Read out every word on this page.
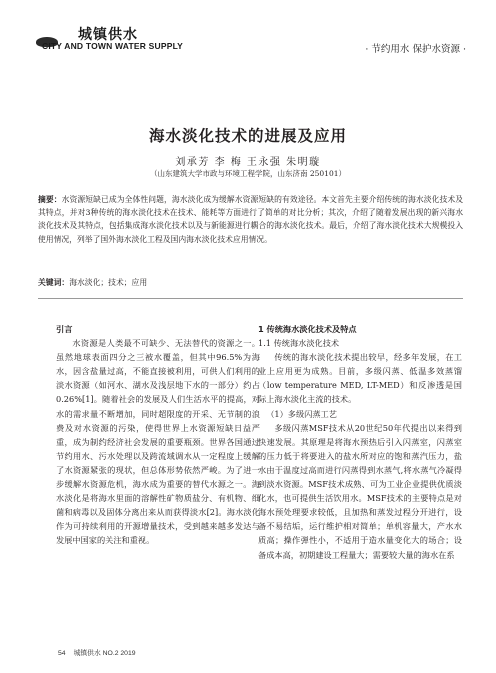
城镇供水
CITY AND TOWN WATER SUPPLY	· 节约用水 保护水资源 ·
海水淡化技术的进展及应用
刘承芳 李 梅 王永强 朱明璇
（山东建筑大学市政与环境工程学院，山东济南 250101）
摘要：水资源短缺已成为全体性问题，海水淡化成为缓解水资源短缺的有效途径。本文首先主要介绍传统的海水淡化技术及其特点，并对3种传统的海水淡化技术在技术、能耗等方面进行了简单的对比分析；其次，介绍了随着发展出现的新兴海水淡化技术及其特点，包括集成海水淡化技术以及与新能源进行耦合的海水淡化技术。最后，介绍了海水淡化技术大规模投入使用情况，列举了国外海水淡化工程及国内海水淡化技术应用情况。
关键词：海水淡化；技术；应用

引言

水资源是人类最不可缺少、无法替代的资源之一。虽然地球表面四分之三被水覆盖，但其中96.5%为海水，因含盐量过高，不能直接被利用，可供人们利用的淡水资源（如河水、湖水及浅层地下水的一部分）约占0.26%[1]。随着社会的发展及人们生活水平的提高，对水的需求量不断增加，同时超限度的开采、无节制的浪费及对水资源的污染，使得世界上水资源短缺日益严重，成为制约经济社会发展的重要瓶颈。世界各国通过节约用水、污水处理以及跨流域调水从一定程度上缓解了水资源紧张的现状，但总体形势依然严峻。为了进一步缓解水资源危机，海水成为重要的替代水源之一。海水淡化是将海水里面的溶解性矿物质盐分、有机物、细菌和病毒以及固体分离出来从而获得淡水[2]。海水淡化作为可持续利用的开源增量技术，受到越来越多发达与发展中国家的关注和重视。

1 传统海水淡化技术及特点

1.1 传统海水淡化技术

传统的海水淡化技术提出较早，经多年发展，在工业上应用更为成熟。目前，多级闪蒸、低温多效蒸馏（low temperature MED, LT-MED）和反渗透是国际上海水淡化主流的技术。

（1）多级闪蒸工艺

多级闪蒸MSF技术从20世纪50年代提出以来得到快速发展。其原理是将海水预热后引入闪蒸室，闪蒸室的压力低于将要进入的盐水所对应的饱和蒸汽压力，盐水由于温度过高而进行闪蒸得到水蒸气,将水蒸气冷凝得到淡水资源。MSF技术成熟、可为工业企业提供优质淡化水，也可提供生活饮用水。MSF技术的主要特点是对海水预处理要求较低，且加热和蒸发过程分开进行，设备不易结垢，运行维护相对简单；单机容量大，产水水质高；操作弹性小，不适用于造水量变化大的场合；设备成本高，初期建设工程量大；需要较大量的海水在系

54 城镇供水 NO.2 2019
